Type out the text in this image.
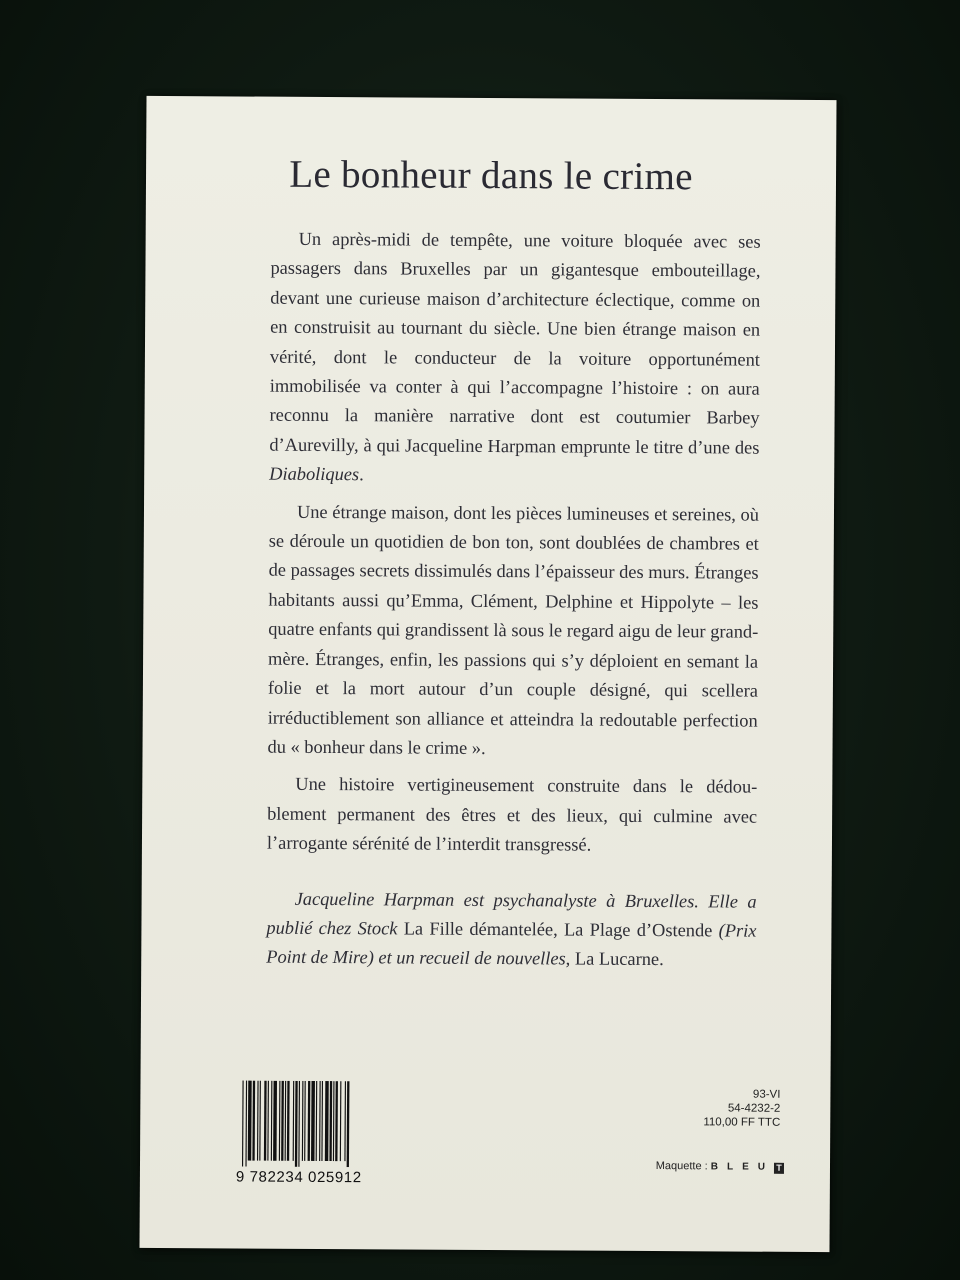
Le bonheur dans le crime

Un après-midi de tempête, une voiture bloquée avec ses passagers dans Bruxelles par un gigantesque embouteillage, devant une curieuse maison d’architecture éclectique, comme on en construisit au tournant du siècle. Une bien étrange maison en vérité, dont le conducteur de la voiture opportunément immobilisée va conter à qui l’accompagne l’histoire : on aura reconnu la manière narrative dont est coutumier Barbey d’Aurevilly, à qui Jacqueline Harpman emprunte le titre d’une des Diaboliques.

Une étrange maison, dont les pièces lumineuses et sereines, où se déroule un quotidien de bon ton, sont doublées de chambres et de passages secrets dissimulés dans l’épaisseur des murs. Étranges habitants aussi qu’Emma, Clément, Delphine et Hippolyte – les quatre enfants qui grandissent là sous le regard aigu de leur grand-mère. Étranges, enfin, les passions qui s’y déploient en semant la folie et la mort autour d’un couple désigné, qui scellera irréductiblement son alliance et atteindra la redoutable perfection du « bonheur dans le crime ».

Une histoire vertigineusement construite dans le dédoublement permanent des êtres et des lieux, qui culmine avec l’arrogante sérénité de l’interdit transgressé.

Jacqueline Harpman est psychanalyste à Bruxelles. Elle a publié chez Stock La Fille démantelée, La Plage d’Ostende (Prix Point de Mire) et un recueil de nouvelles, La Lucarne.

9 782234 025912
93-VI
54-4232-2
110,00 FF TTC
Maquette : BLEU T
